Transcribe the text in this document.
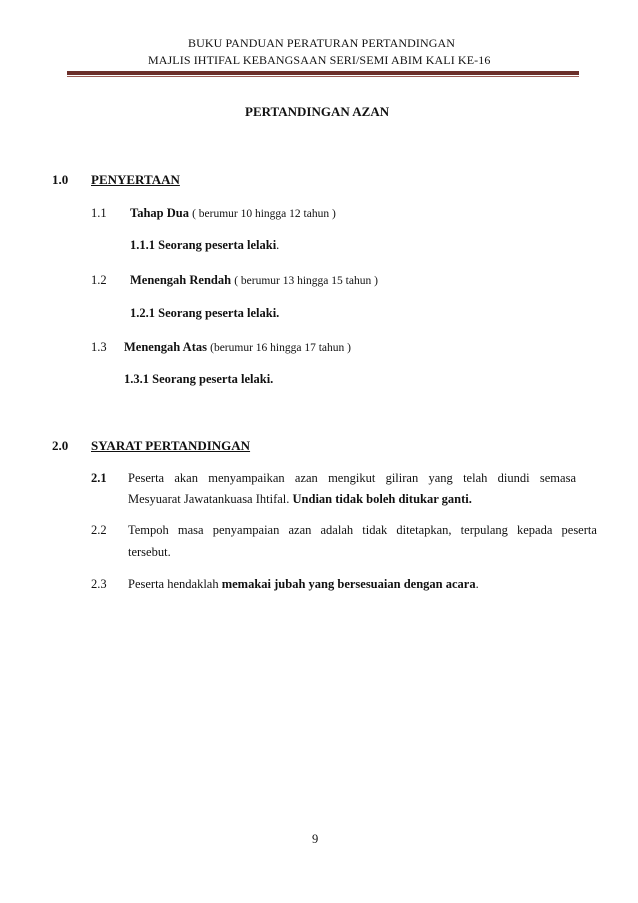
BUKU PANDUAN PERATURAN PERTANDINGAN
MAJLIS IHTIFAL KEBANGSAAN SERI/SEMI ABIM KALI KE-16
PERTANDINGAN AZAN
1.0 PENYERTAAN
1.1 Tahap Dua ( berumur 10 hingga 12 tahun )
1.1.1 Seorang peserta lelaki.
1.2 Menengah Rendah ( berumur 13 hingga 15 tahun )
1.2.1 Seorang peserta lelaki.
1.3 Menengah Atas (berumur 16 hingga 17 tahun )
1.3.1 Seorang peserta lelaki.
2.0 SYARAT PERTANDINGAN
2.1 Peserta akan menyampaikan azan mengikut giliran yang telah diundi semasa
Mesyuarat Jawatankuasa Ihtifal. Undian tidak boleh ditukar ganti.
2.2 Tempoh masa penyampaian azan adalah tidak ditetapkan, terpulang kepada peserta
tersebut.
2.3 Peserta hendaklah memakai jubah yang bersesuaian dengan acara.
9
